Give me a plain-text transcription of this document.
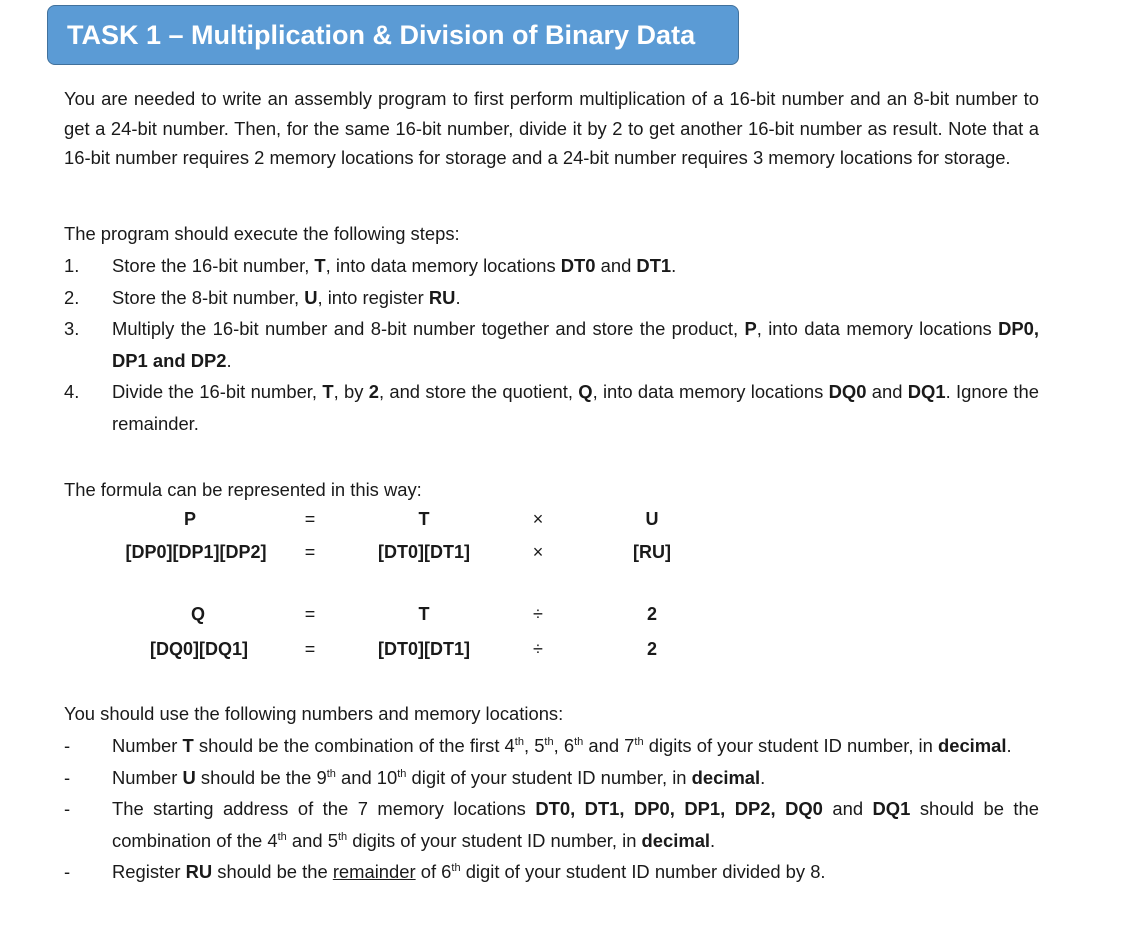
TASK 1 – Multiplication & Division of Binary Data
You are needed to write an assembly program to first perform multiplication of a 16-bit number and an 8-bit number to get a 24-bit number. Then, for the same 16-bit number, divide it by 2 to get another 16-bit number as result. Note that a 16-bit number requires 2 memory locations for storage and a 24-bit number requires 3 memory locations for storage.
The program should execute the following steps:
1. Store the 16-bit number, T, into data memory locations DT0 and DT1.
2. Store the 8-bit number, U, into register RU.
3. Multiply the 16-bit number and 8-bit number together and store the product, P, into data memory locations DP0, DP1 and DP2.
4. Divide the 16-bit number, T, by 2, and store the quotient, Q, into data memory locations DQ0 and DQ1. Ignore the remainder.
The formula can be represented in this way:
P	=	T	×	U
[DP0][DP1][DP2]	=	[DT0][DT1]	×	[RU]
Q	=	T	÷	2
[DQ0][DQ1]	=	[DT0][DT1]	÷	2
You should use the following numbers and memory locations:
- Number T should be the combination of the first 4th, 5th, 6th and 7th digits of your student ID number, in decimal.
- Number U should be the 9th and 10th digit of your student ID number, in decimal.
- The starting address of the 7 memory locations DT0, DT1, DP0, DP1, DP2, DQ0 and DQ1 should be the combination of the 4th and 5th digits of your student ID number, in decimal.
- Register RU should be the remainder of 6th digit of your student ID number divided by 8.
